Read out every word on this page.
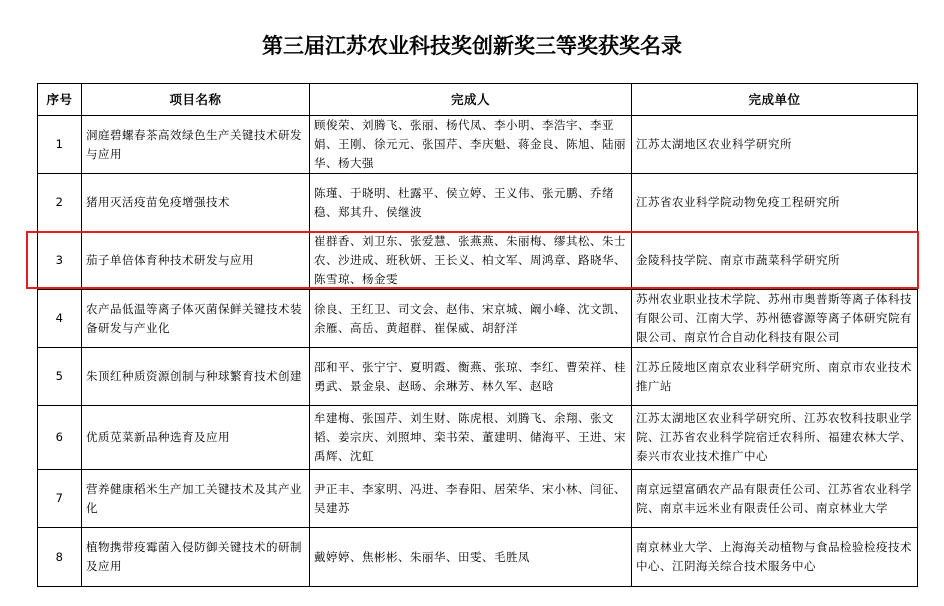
第三届江苏农业科技奖创新奖三等奖获奖名录
序号	项目名称	完成人	完成单位
1	洞庭碧螺春茶高效绿色生产关键技术研发与应用	顾俊荣、刘腾飞、张丽、杨代凤、李小明、李浩宇、李亚娟、王刚、徐元元、张国芹、李庆魁、蒋金良、陈旭、陆丽华、杨大强	江苏太湖地区农业科学研究所
2	猪用灭活疫苗免疫增强技术	陈瑾、于晓明、杜露平、侯立婷、王义伟、张元鹏、乔绪稳、郑其升、侯继波	江苏省农业科学院动物免疫工程研究所
3	茄子单倍体育种技术研发与应用	崔群香、刘卫东、张爱慧、张燕燕、朱丽梅、缪其松、朱士农、沙进成、班秋妍、王长义、柏文军、周鸿章、路晓华、陈雪琼、杨金雯	金陵科技学院、南京市蔬菜科学研究所
4	农产品低温等离子体灭菌保鲜关键技术装备研发与产业化	徐良、王红卫、司文会、赵伟、宋京城、阚小峰、沈文凯、余雁、高岳、黄超群、崔保威、胡舒洋	苏州农业职业技术学院、苏州市奥普斯等离子体科技有限公司、江南大学、苏州德睿源等离子体研究院有限公司、南京竹合自动化科技有限公司
5	朱顶红种质资源创制与种球繁育技术创建	邵和平、张宁宁、夏明霞、衡燕、张琼、李红、曹荣祥、桂勇武、景金泉、赵旸、余琳芳、林久军、赵晗	江苏丘陵地区南京农业科学研究所、南京市农业技术推广站
6	优质苋菜新品种选育及应用	牟建梅、张国芹、刘生财、陈虎根、刘腾飞、余翔、张文韬、姜宗庆、刘照坤、栾书荣、董建明、储海平、王进、宋禹辉、沈虹	江苏太湖地区农业科学研究所、江苏农牧科技职业学院、江苏省农业科学院宿迁农科所、福建农林大学、泰兴市农业技术推广中心
7	营养健康稻米生产加工关键技术及其产业化	尹正丰、李家明、冯进、李春阳、居荣华、宋小林、闫征、吴建苏	南京远望富硒农产品有限责任公司、江苏省农业科学院、南京丰远米业有限责任公司、南京林业大学
8	植物携带疫霉菌入侵防御关键技术的研制及应用	戴婷婷、焦彬彬、朱丽华、田雯、毛胜凤	南京林业大学、上海海关动植物与食品检验检疫技术中心、江阴海关综合技术服务中心
